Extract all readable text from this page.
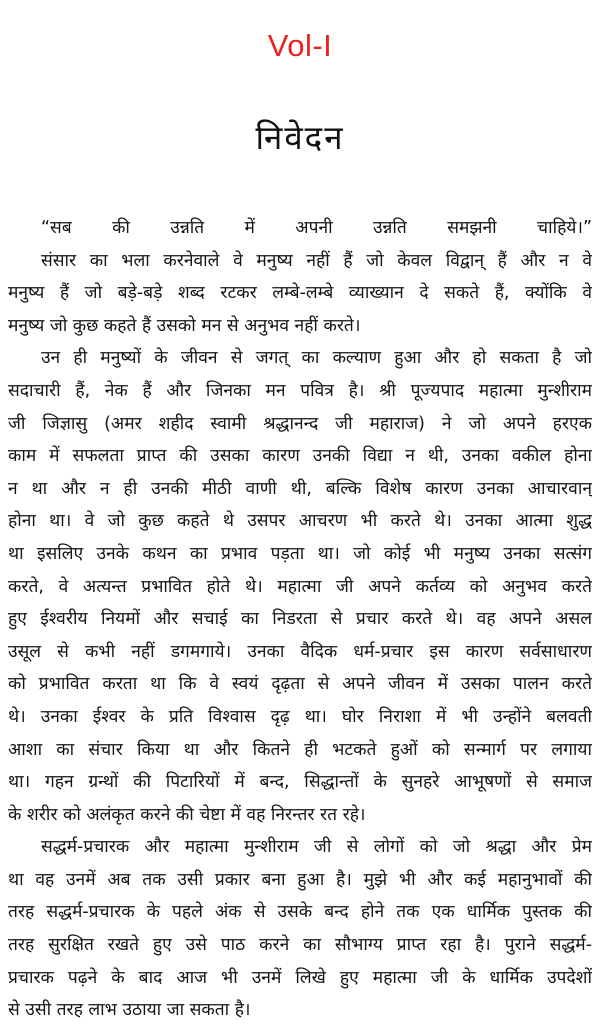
Vol-I
निवेदन
“सब की उन्नति में अपनी उन्नति समझनी चाहिये।”
संसार का भला करनेवाले वे मनुष्य नहीं हैं जो केवल विद्वान् हैं और न वे
मनुष्य हैं जो बड़े-बड़े शब्द रटकर लम्बे-लम्बे व्याख्यान दे सकते हैं, क्योंकि वे
मनुष्य जो कुछ कहते हैं उसको मन से अनुभव नहीं करते।
उन ही मनुष्यों के जीवन से जगत् का कल्याण हुआ और हो सकता है जो
सदाचारी हैं, नेक हैं और जिनका मन पवित्र है। श्री पूज्यपाद महात्मा मुन्शीराम
जी जिज्ञासु (अमर शहीद स्वामी श्रद्धानन्द जी महाराज) ने जो अपने हरएक
काम में सफलता प्राप्त की उसका कारण उनकी विद्या न थी, उनका वकील होना
न था और न ही उनकी मीठी वाणी थी, बल्कि विशेष कारण उनका आचारवान्
होना था। वे जो कुछ कहते थे उसपर आचरण भी करते थे। उनका आत्मा शुद्ध
था इसलिए उनके कथन का प्रभाव पड़ता था। जो कोई भी मनुष्य उनका सत्संग
करते, वे अत्यन्त प्रभावित होते थे। महात्मा जी अपने कर्तव्य को अनुभव करते
हुए ईश्वरीय नियमों और सचाई का निडरता से प्रचार करते थे। वह अपने असल
उसूल से कभी नहीं डगमगाये। उनका वैदिक धर्म-प्रचार इस कारण सर्वसाधारण
को प्रभावित करता था कि वे स्वयं दृढ़ता से अपने जीवन में उसका पालन करते
थे। उनका ईश्वर के प्रति विश्वास दृढ़ था। घोर निराशा में भी उन्होंने बलवती
आशा का संचार किया था और कितने ही भटकते हुओं को सन्मार्ग पर लगाया
था। गहन ग्रन्थों की पिटारियों में बन्द, सिद्धान्तों के सुनहरे आभूषणों से समाज
के शरीर को अलंकृत करने की चेष्टा में वह निरन्तर रत रहे।
सद्धर्म-प्रचारक और महात्मा मुन्शीराम जी से लोगों को जो श्रद्धा और प्रेम
था वह उनमें अब तक उसी प्रकार बना हुआ है। मुझे भी और कई महानुभावों की
तरह सद्धर्म-प्रचारक के पहले अंक से उसके बन्द होने तक एक धार्मिक पुस्तक की
तरह सुरक्षित रखते हुए उसे पाठ करने का सौभाग्य प्राप्त रहा है। पुराने सद्धर्म-
प्रचारक पढ़ने के बाद आज भी उनमें लिखे हुए महात्मा जी के धार्मिक उपदेशों
से उसी तरह लाभ उठाया जा सकता है।
